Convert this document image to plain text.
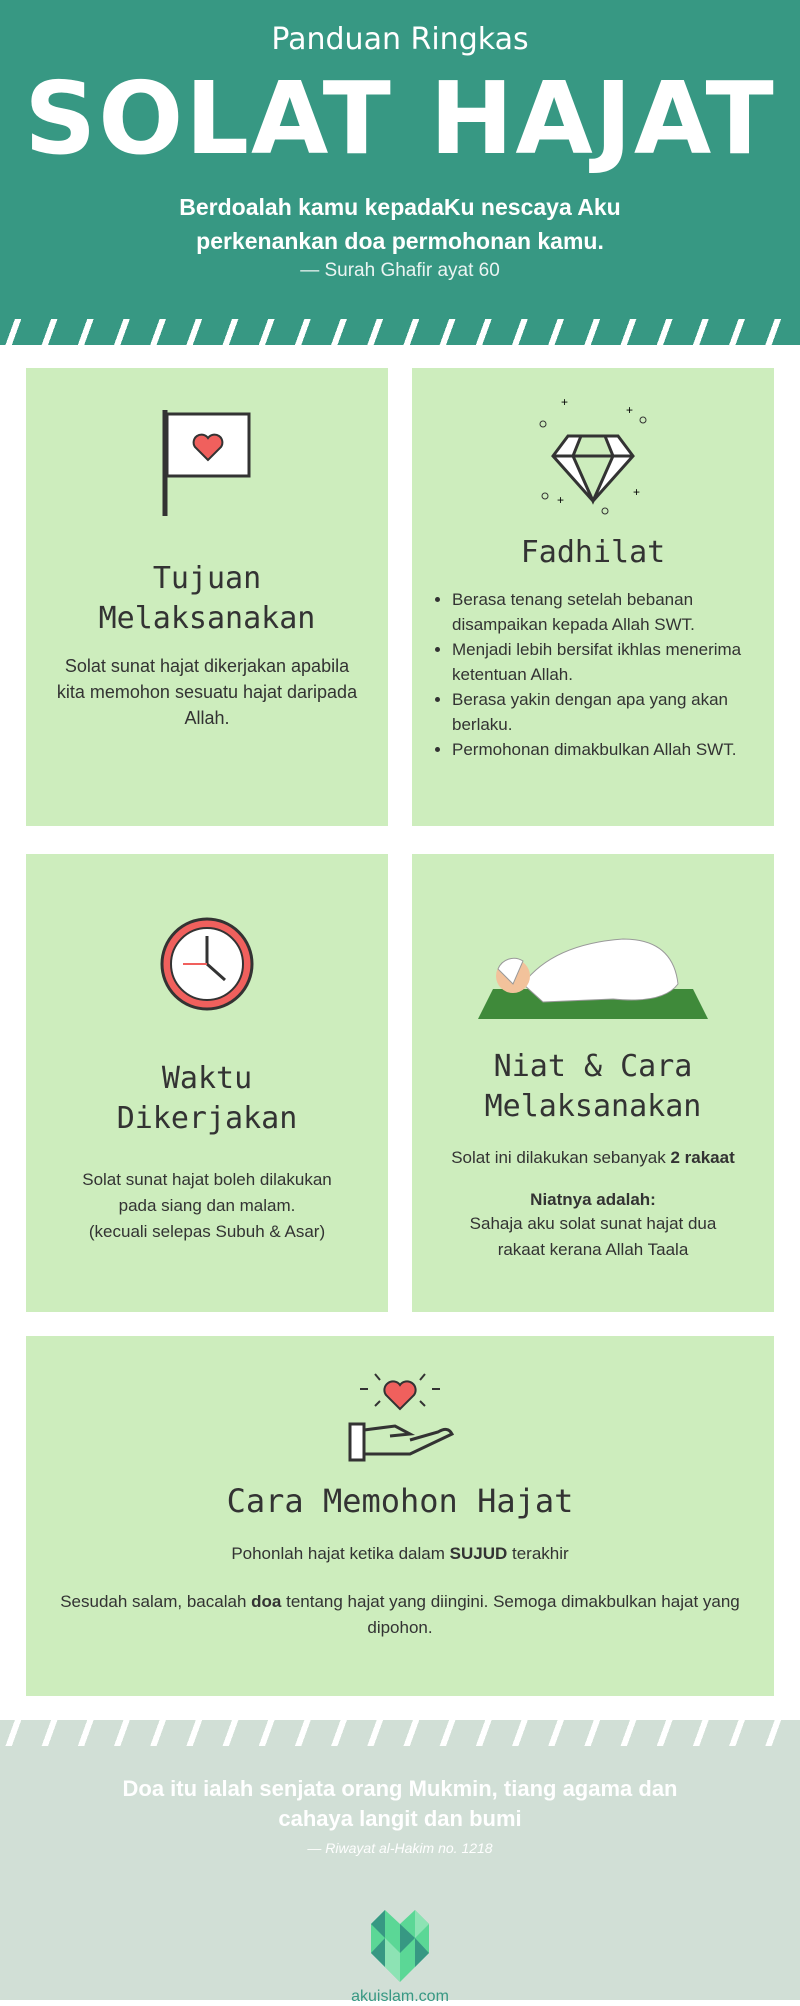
Panduan Ringkas
SOLAT HAJAT
Berdoalah kamu kepadaKu nescaya Aku
perkenankan doa permohonan kamu.
— Surah Ghafir ayat 60
Tujuan
Melaksanakan

Solat sunat hajat dikerjakan apabila kita memohon sesuatu hajat daripada Allah.

+
+
+
+
Fadhilat
• Berasa tenang setelah bebanan disampaikan kepada Allah SWT.
• Menjadi lebih bersifat ikhlas menerima ketentuan Allah.
• Berasa yakin dengan apa yang akan berlaku.
• Permohonan dimakbulkan Allah SWT.
Waktu
Dikerjakan

Solat sunat hajat boleh dilakukan
pada siang dan malam.
(kecuali selepas Subuh & Asar)

Niat & Cara
Melaksanakan

Solat ini dilakukan sebanyak 2 rakaat

Niatnya adalah:

Sahaja aku solat sunat hajat dua rakaat kerana Allah Taala

Cara Memohon Hajat

Pohonlah hajat ketika dalam SUJUD terakhir

Sesudah salam, bacalah doa tentang hajat yang diingini. Semoga dimakbulkan hajat yang dipohon.

Doa itu ialah senjata orang Mukmin, tiang agama dan cahaya langit dan bumi
— Riwayat al-Hakim no. 1218
akuislam.com
